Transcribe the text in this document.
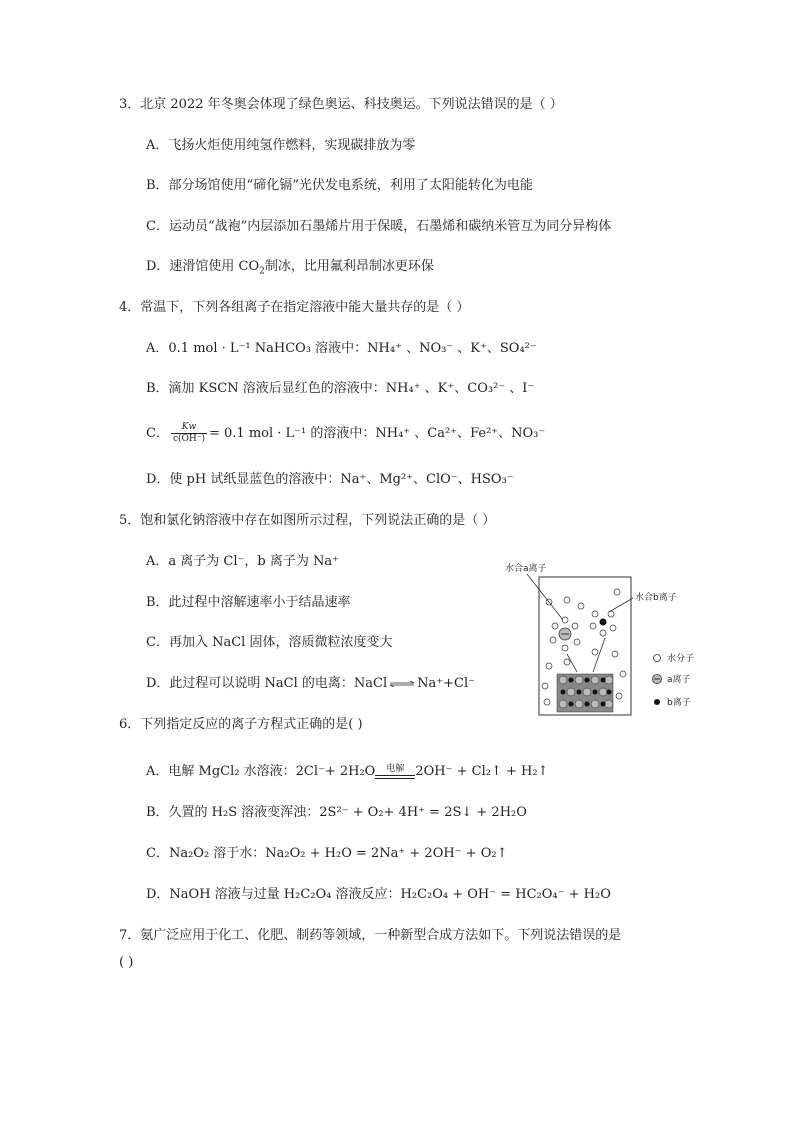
3．北京 2022 年冬奥会体现了绿色奥运、科技奥运。下列说法错误的是（ ）
A．飞扬火炬使用纯氢作燃料，实现碳排放为零
B．部分场馆使用“碲化镉”光伏发电系统，利用了太阳能转化为电能
C．运动员“战袍”内层添加石墨烯片用于保暖，石墨烯和碳纳米管互为同分异构体
D．速滑馆使用 $CO_2$制冰，比用氟利昂制冰更环保
4．常温下，下列各组离子在指定溶液中能大量共存的是（ ）
A．0.1 mol · L⁻¹ NaHCO₃ 溶液中：NH₄⁺ 、NO₃⁻ 、K⁺、SO₄²⁻
B．滴加 KSCN 溶液后显红色的溶液中：NH₄⁺ 、K⁺、CO₃²⁻ 、I⁻
C． $\frac{Kw}{c(OH^-)} = 0.1$ mol · L⁻¹ 的溶液中：NH₄⁺ 、Ca²⁺、Fe²⁺、NO₃⁻
D．使 pH 试纸显蓝色的溶液中：Na⁺、Mg²⁺、ClO⁻、HSO₃⁻
5．饱和氯化钠溶液中存在如图所示过程，下列说法正确的是（ ）
A．a 离子为 Cl⁻，b 离子为 Na⁺
B．此过程中溶解速率小于结晶速率
C．再加入 NaCl 固体，溶质微粒浓度变大
D．此过程可以说明 NaCl 的电离：NaCl ⇌ Na⁺+Cl⁻
水合a离子
水合b离子
水分子
a离子
b离子
6．下列指定反应的离子方程式正确的是( )
A．电解 MgCl₂ 水溶液：2Cl⁻+ 2H₂O	电解 2OH⁻ + Cl₂↑ + H₂↑
B．久置的 H₂S 溶液变浑浊：2S²⁻ + O₂+ 4H⁺ = 2S↓ + 2H₂O
C．Na₂O₂ 溶于水：Na₂O₂ + H₂O = 2Na⁺ + 2OH⁻ + O₂↑
D．NaOH 溶液与过量 H₂C₂O₄ 溶液反应：H₂C₂O₄ + OH⁻ = HC₂O₄⁻ + H₂O
7．氨广泛应用于化工、化肥、制药等领域，一种新型合成方法如下。下列说法错误的是
( )
